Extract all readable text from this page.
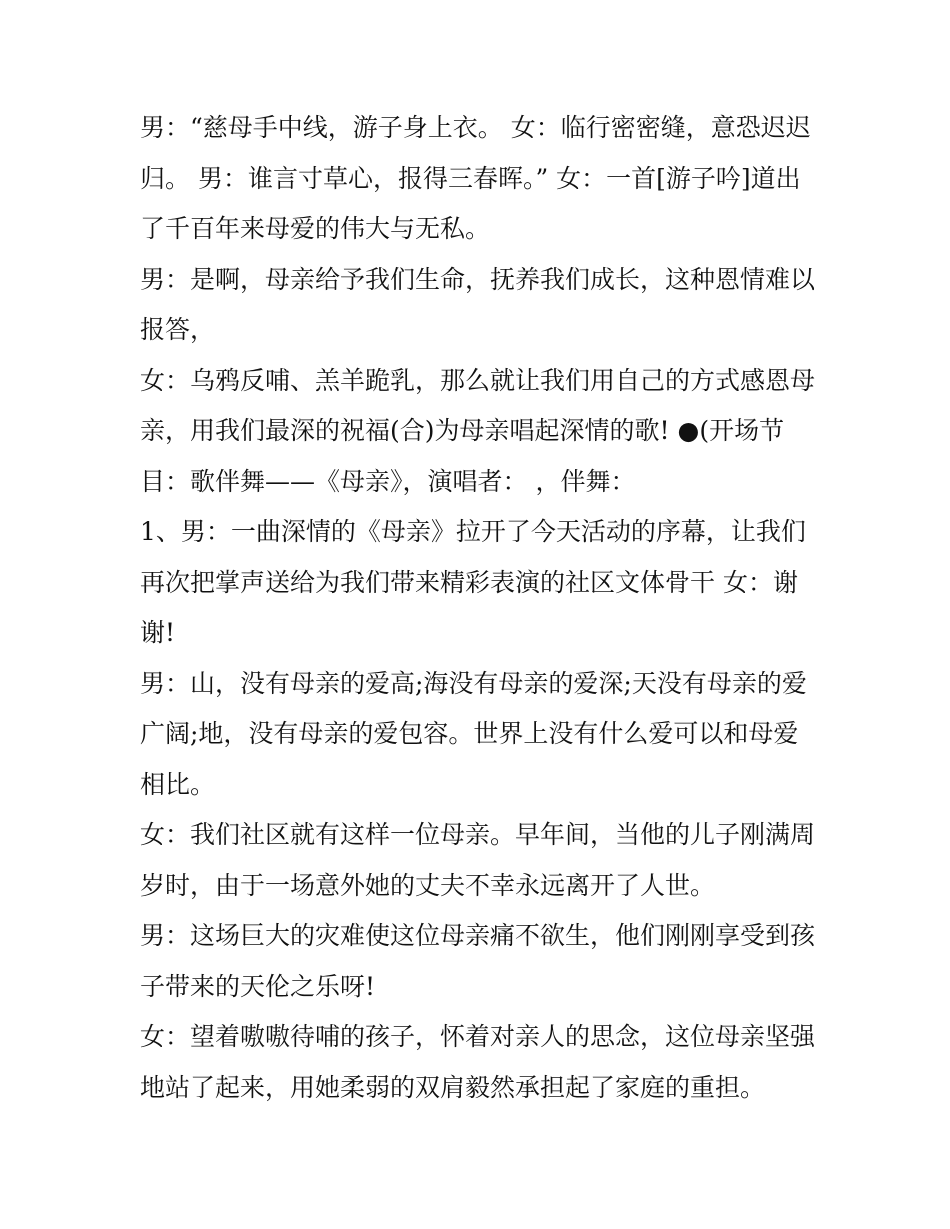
男：“慈母手中线，游子身上衣。 女：临行密密缝，意恐迟迟
归。 男：谁言寸草心，报得三春晖。” 女：一首[游子吟]道出
了千百年来母爱的伟大与无私。
男：是啊，母亲给予我们生命，抚养我们成长，这种恩情难以
报答，
女：乌鸦反哺、羔羊跪乳，那么就让我们用自己的方式感恩母
亲，用我们最深的祝福(合)为母亲唱起深情的歌! ●(开场节
目：歌伴舞——《母亲》，演唱者： ，伴舞：
1、男：一曲深情的《母亲》拉开了今天活动的序幕，让我们
再次把掌声送给为我们带来精彩表演的社区文体骨干 女：谢
谢!
男：山，没有母亲的爱高;海没有母亲的爱深;天没有母亲的爱
广阔;地，没有母亲的爱包容。世界上没有什么爱可以和母爱
相比。
女：我们社区就有这样一位母亲。早年间，当他的儿子刚满周
岁时，由于一场意外她的丈夫不幸永远离开了人世。
男：这场巨大的灾难使这位母亲痛不欲生，他们刚刚享受到孩
子带来的天伦之乐呀!
女：望着嗷嗷待哺的孩子，怀着对亲人的思念，这位母亲坚强
地站了起来，用她柔弱的双肩毅然承担起了家庭的重担。
